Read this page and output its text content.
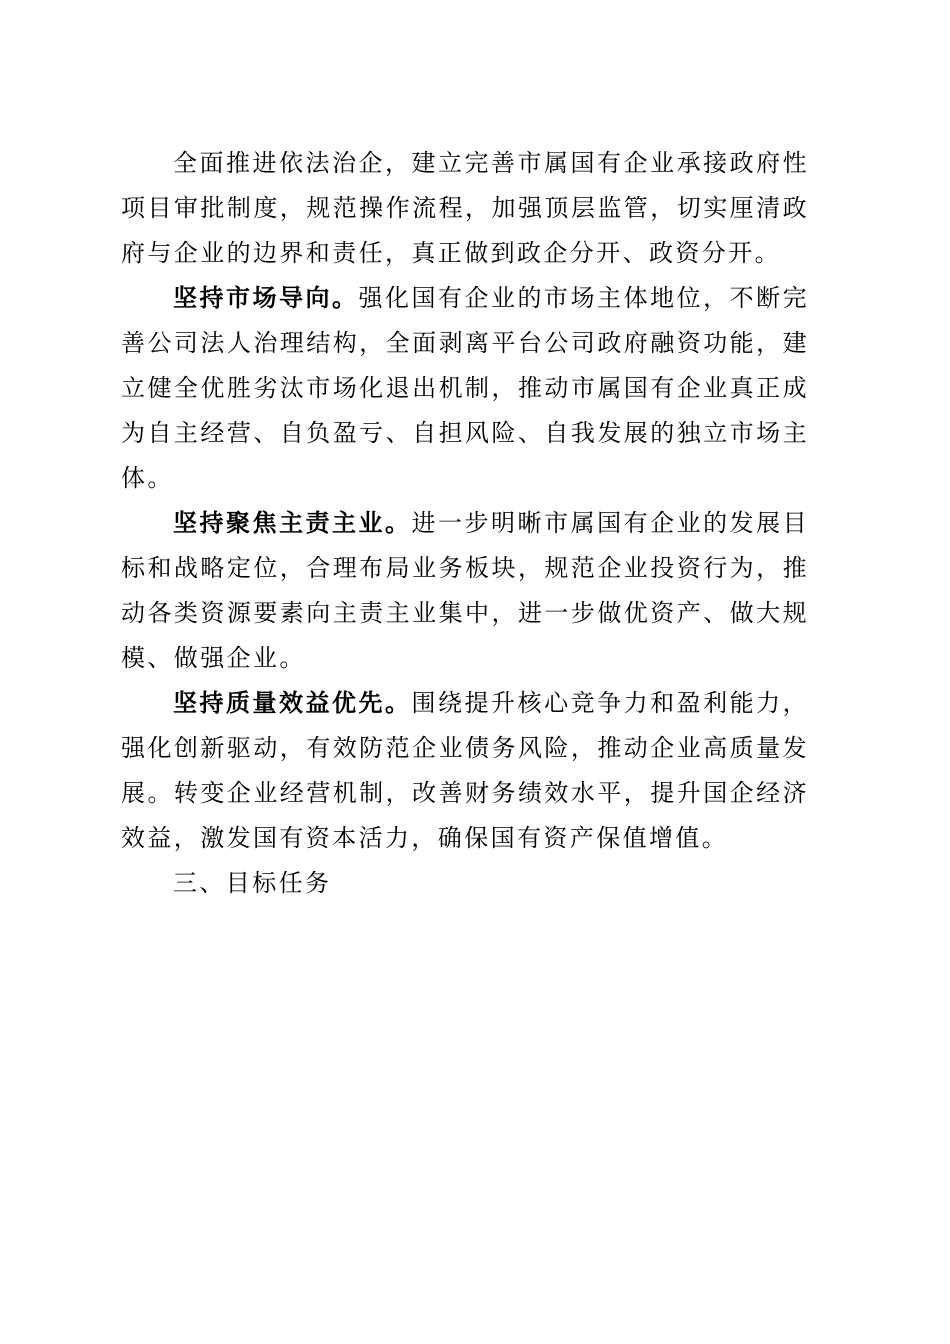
全面推进依法治企，建立完善市属国有企业承接政府性项目审批制度，规范操作流程，加强顶层监管，切实厘清政府与企业的边界和责任，真正做到政企分开、政资分开。

坚持市场导向。强化国有企业的市场主体地位，不断完善公司法人治理结构，全面剥离平台公司政府融资功能，建立健全优胜劣汰市场化退出机制，推动市属国有企业真正成为自主经营、自负盈亏、自担风险、自我发展的独立市场主体。

坚持聚焦主责主业。进一步明晰市属国有企业的发展目标和战略定位，合理布局业务板块，规范企业投资行为，推动各类资源要素向主责主业集中，进一步做优资产、做大规模、做强企业。

坚持质量效益优先。围绕提升核心竞争力和盈利能力，强化创新驱动，有效防范企业债务风险，推动企业高质量发展。转变企业经营机制，改善财务绩效水平，提升国企经济效益，激发国有资本活力，确保国有资产保值增值。

三、目标任务
